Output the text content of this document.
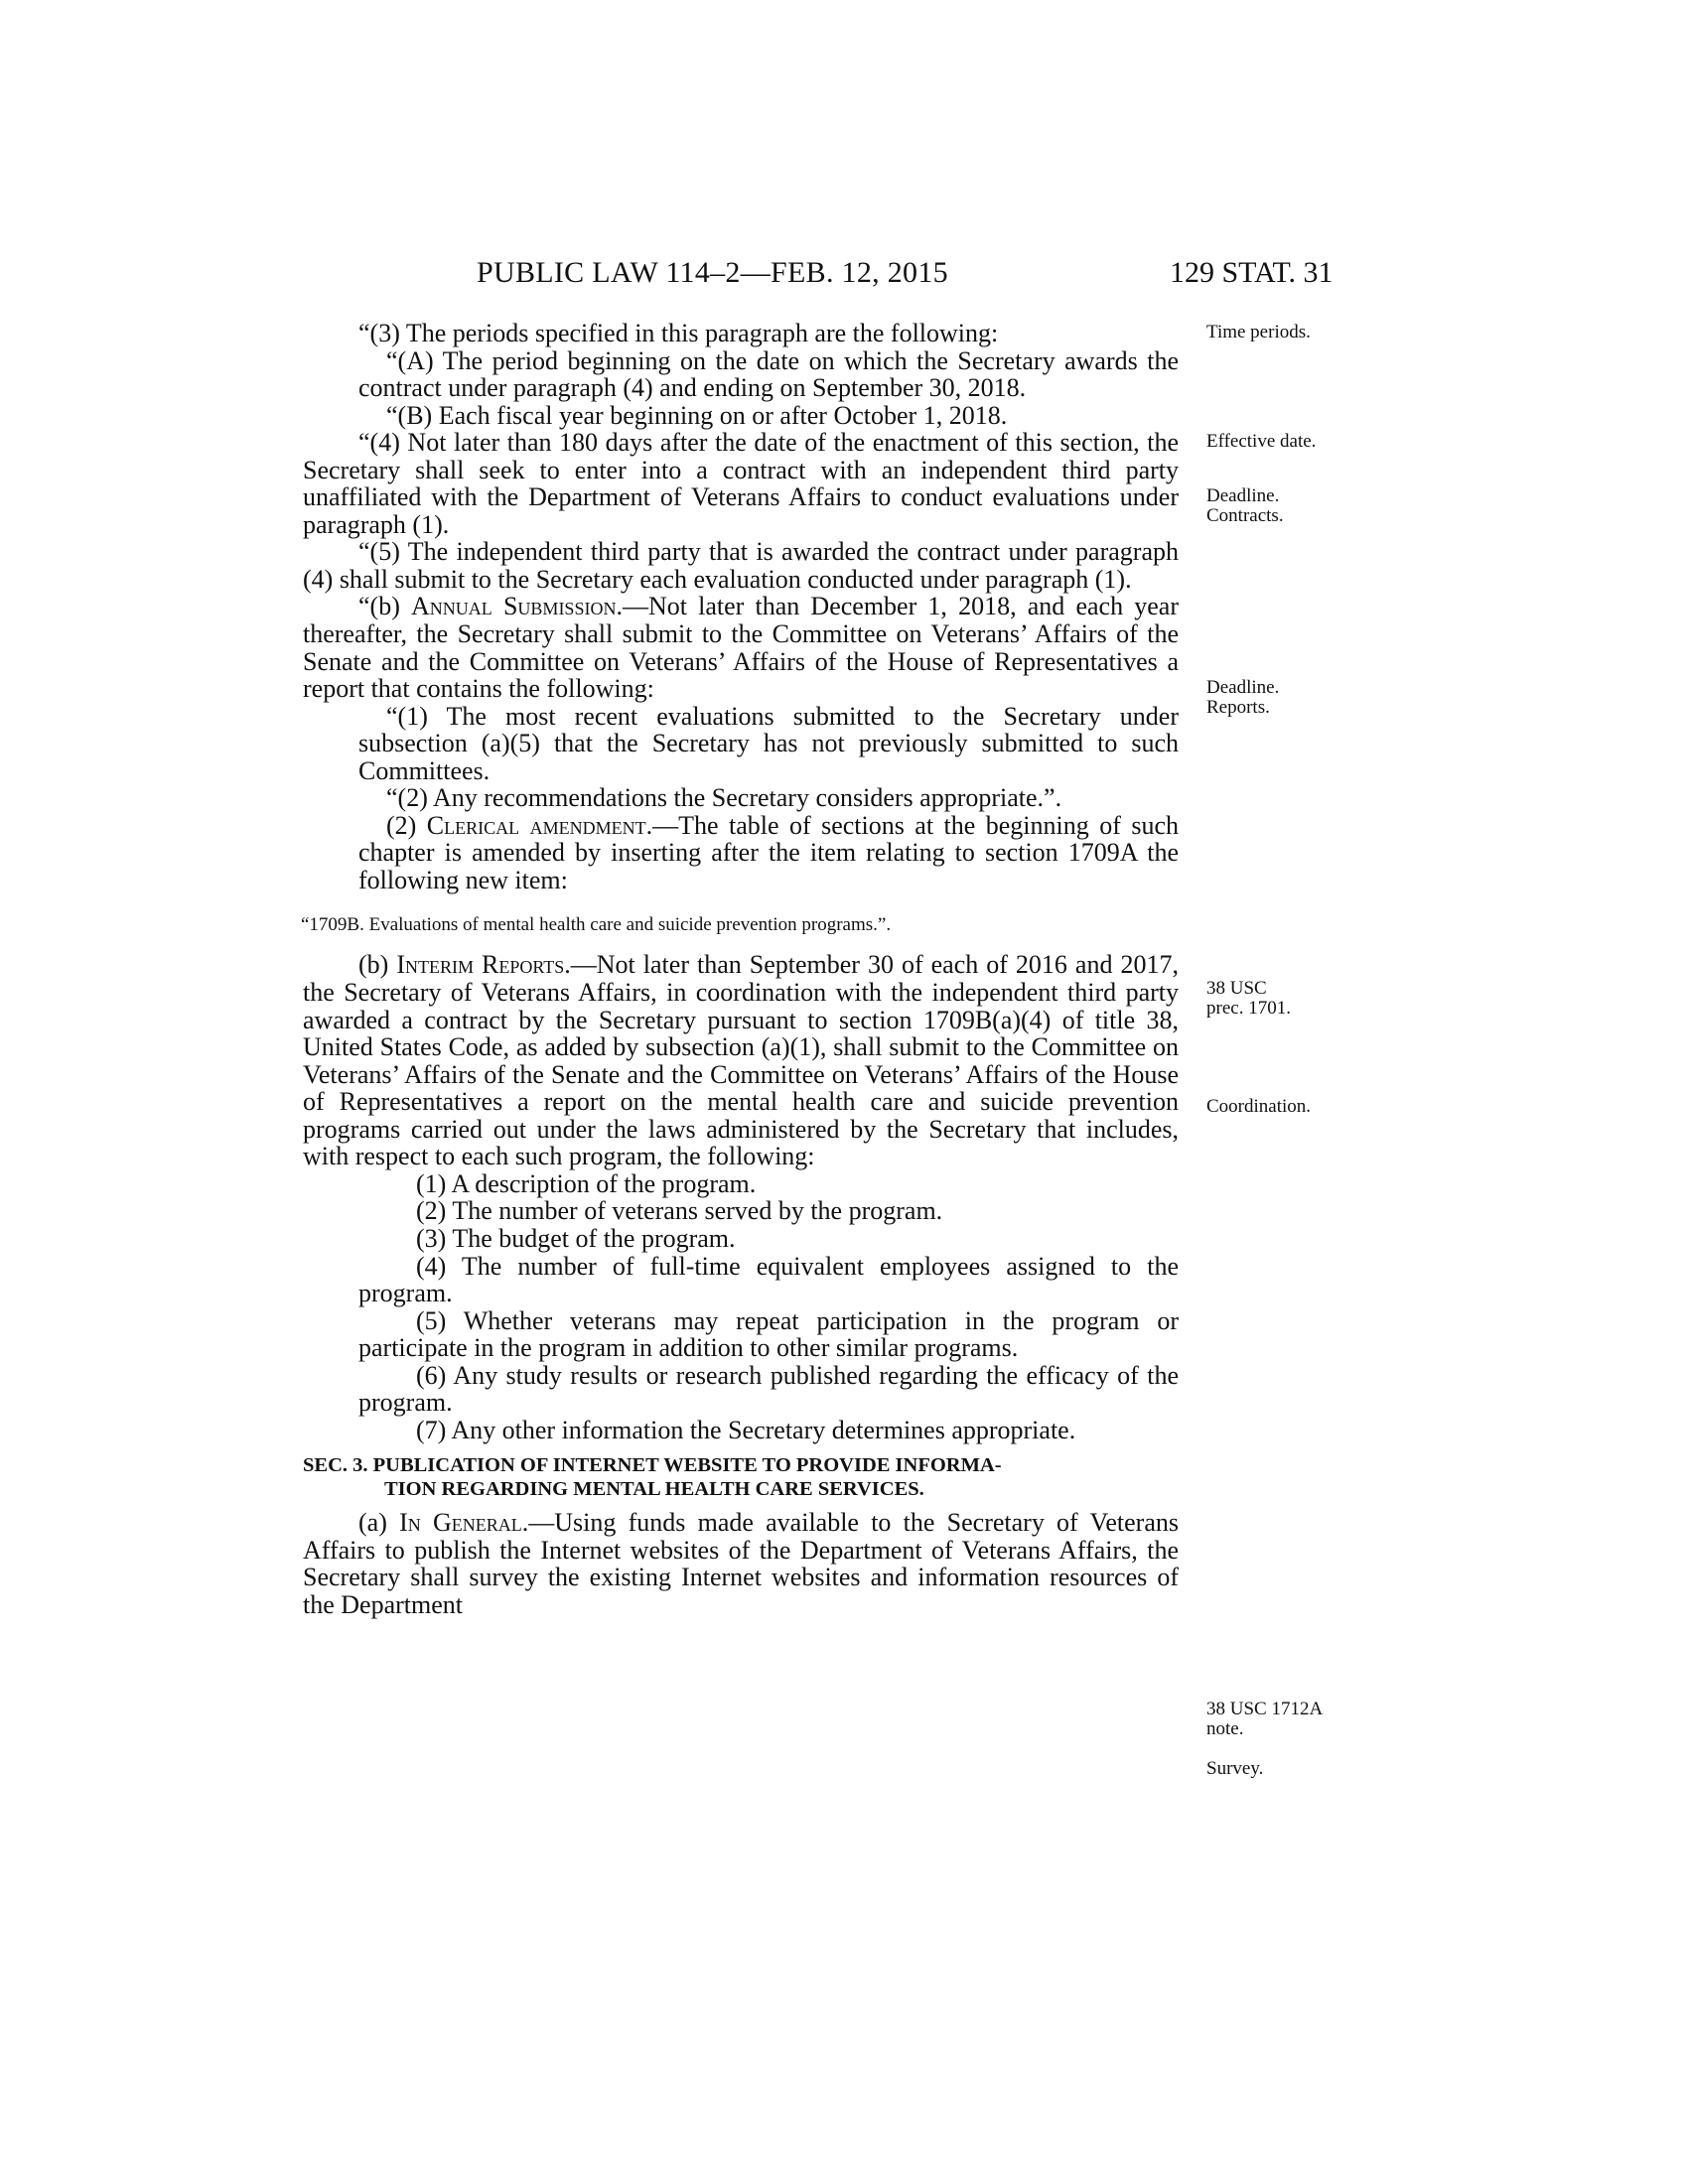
PUBLIC LAW 114–2—FEB. 12, 2015	129 STAT. 31

“(3) The periods specified in this paragraph are the following:

“(A) The period beginning on the date on which the Secretary awards the contract under paragraph (4) and ending on September 30, 2018.

“(B) Each fiscal year beginning on or after October 1, 2018.

“(4) Not later than 180 days after the date of the enactment of this section, the Secretary shall seek to enter into a contract with an independent third party unaffiliated with the Department of Veterans Affairs to conduct evaluations under paragraph (1).

“(5) The independent third party that is awarded the contract under paragraph (4) shall submit to the Secretary each evaluation conducted under paragraph (1).

“(b) Annual Submission.—Not later than December 1, 2018, and each year thereafter, the Secretary shall submit to the Committee on Veterans’ Affairs of the Senate and the Committee on Veterans’ Affairs of the House of Representatives a report that contains the following:

“(1) The most recent evaluations submitted to the Secretary under subsection (a)(5) that the Secretary has not previously submitted to such Committees.

“(2) Any recommendations the Secretary considers appropriate.”.

(2) Clerical amendment.—The table of sections at the beginning of such chapter is amended by inserting after the item relating to section 1709A the following new item:

“1709B. Evaluations of mental health care and suicide prevention programs.”.

(b) Interim Reports.—Not later than September 30 of each of 2016 and 2017, the Secretary of Veterans Affairs, in coordination with the independent third party awarded a contract by the Secretary pursuant to section 1709B(a)(4) of title 38, United States Code, as added by subsection (a)(1), shall submit to the Committee on Veterans’ Affairs of the Senate and the Committee on Veterans’ Affairs of the House of Representatives a report on the mental health care and suicide prevention programs carried out under the laws administered by the Secretary that includes, with respect to each such program, the following:

(1) A description of the program.

(2) The number of veterans served by the program.

(3) The budget of the program.

(4) The number of full-time equivalent employees assigned to the program.

(5) Whether veterans may repeat participation in the program or participate in the program in addition to other similar programs.

(6) Any study results or research published regarding the efficacy of the program.

(7) Any other information the Secretary determines appropriate.

SEC. 3. PUBLICATION OF INTERNET WEBSITE TO PROVIDE INFORMA-
TION REGARDING MENTAL HEALTH CARE SERVICES.

(a) In General.—Using funds made available to the Secretary of Veterans Affairs to publish the Internet websites of the Department of Veterans Affairs, the Secretary shall survey the existing Internet websites and information resources of the Department

Time periods.
Effective date.
Deadline.
Contracts.
Deadline.
Reports.
38 USC
prec. 1701.
Coordination.
38 USC 1712A
note.
Survey.
